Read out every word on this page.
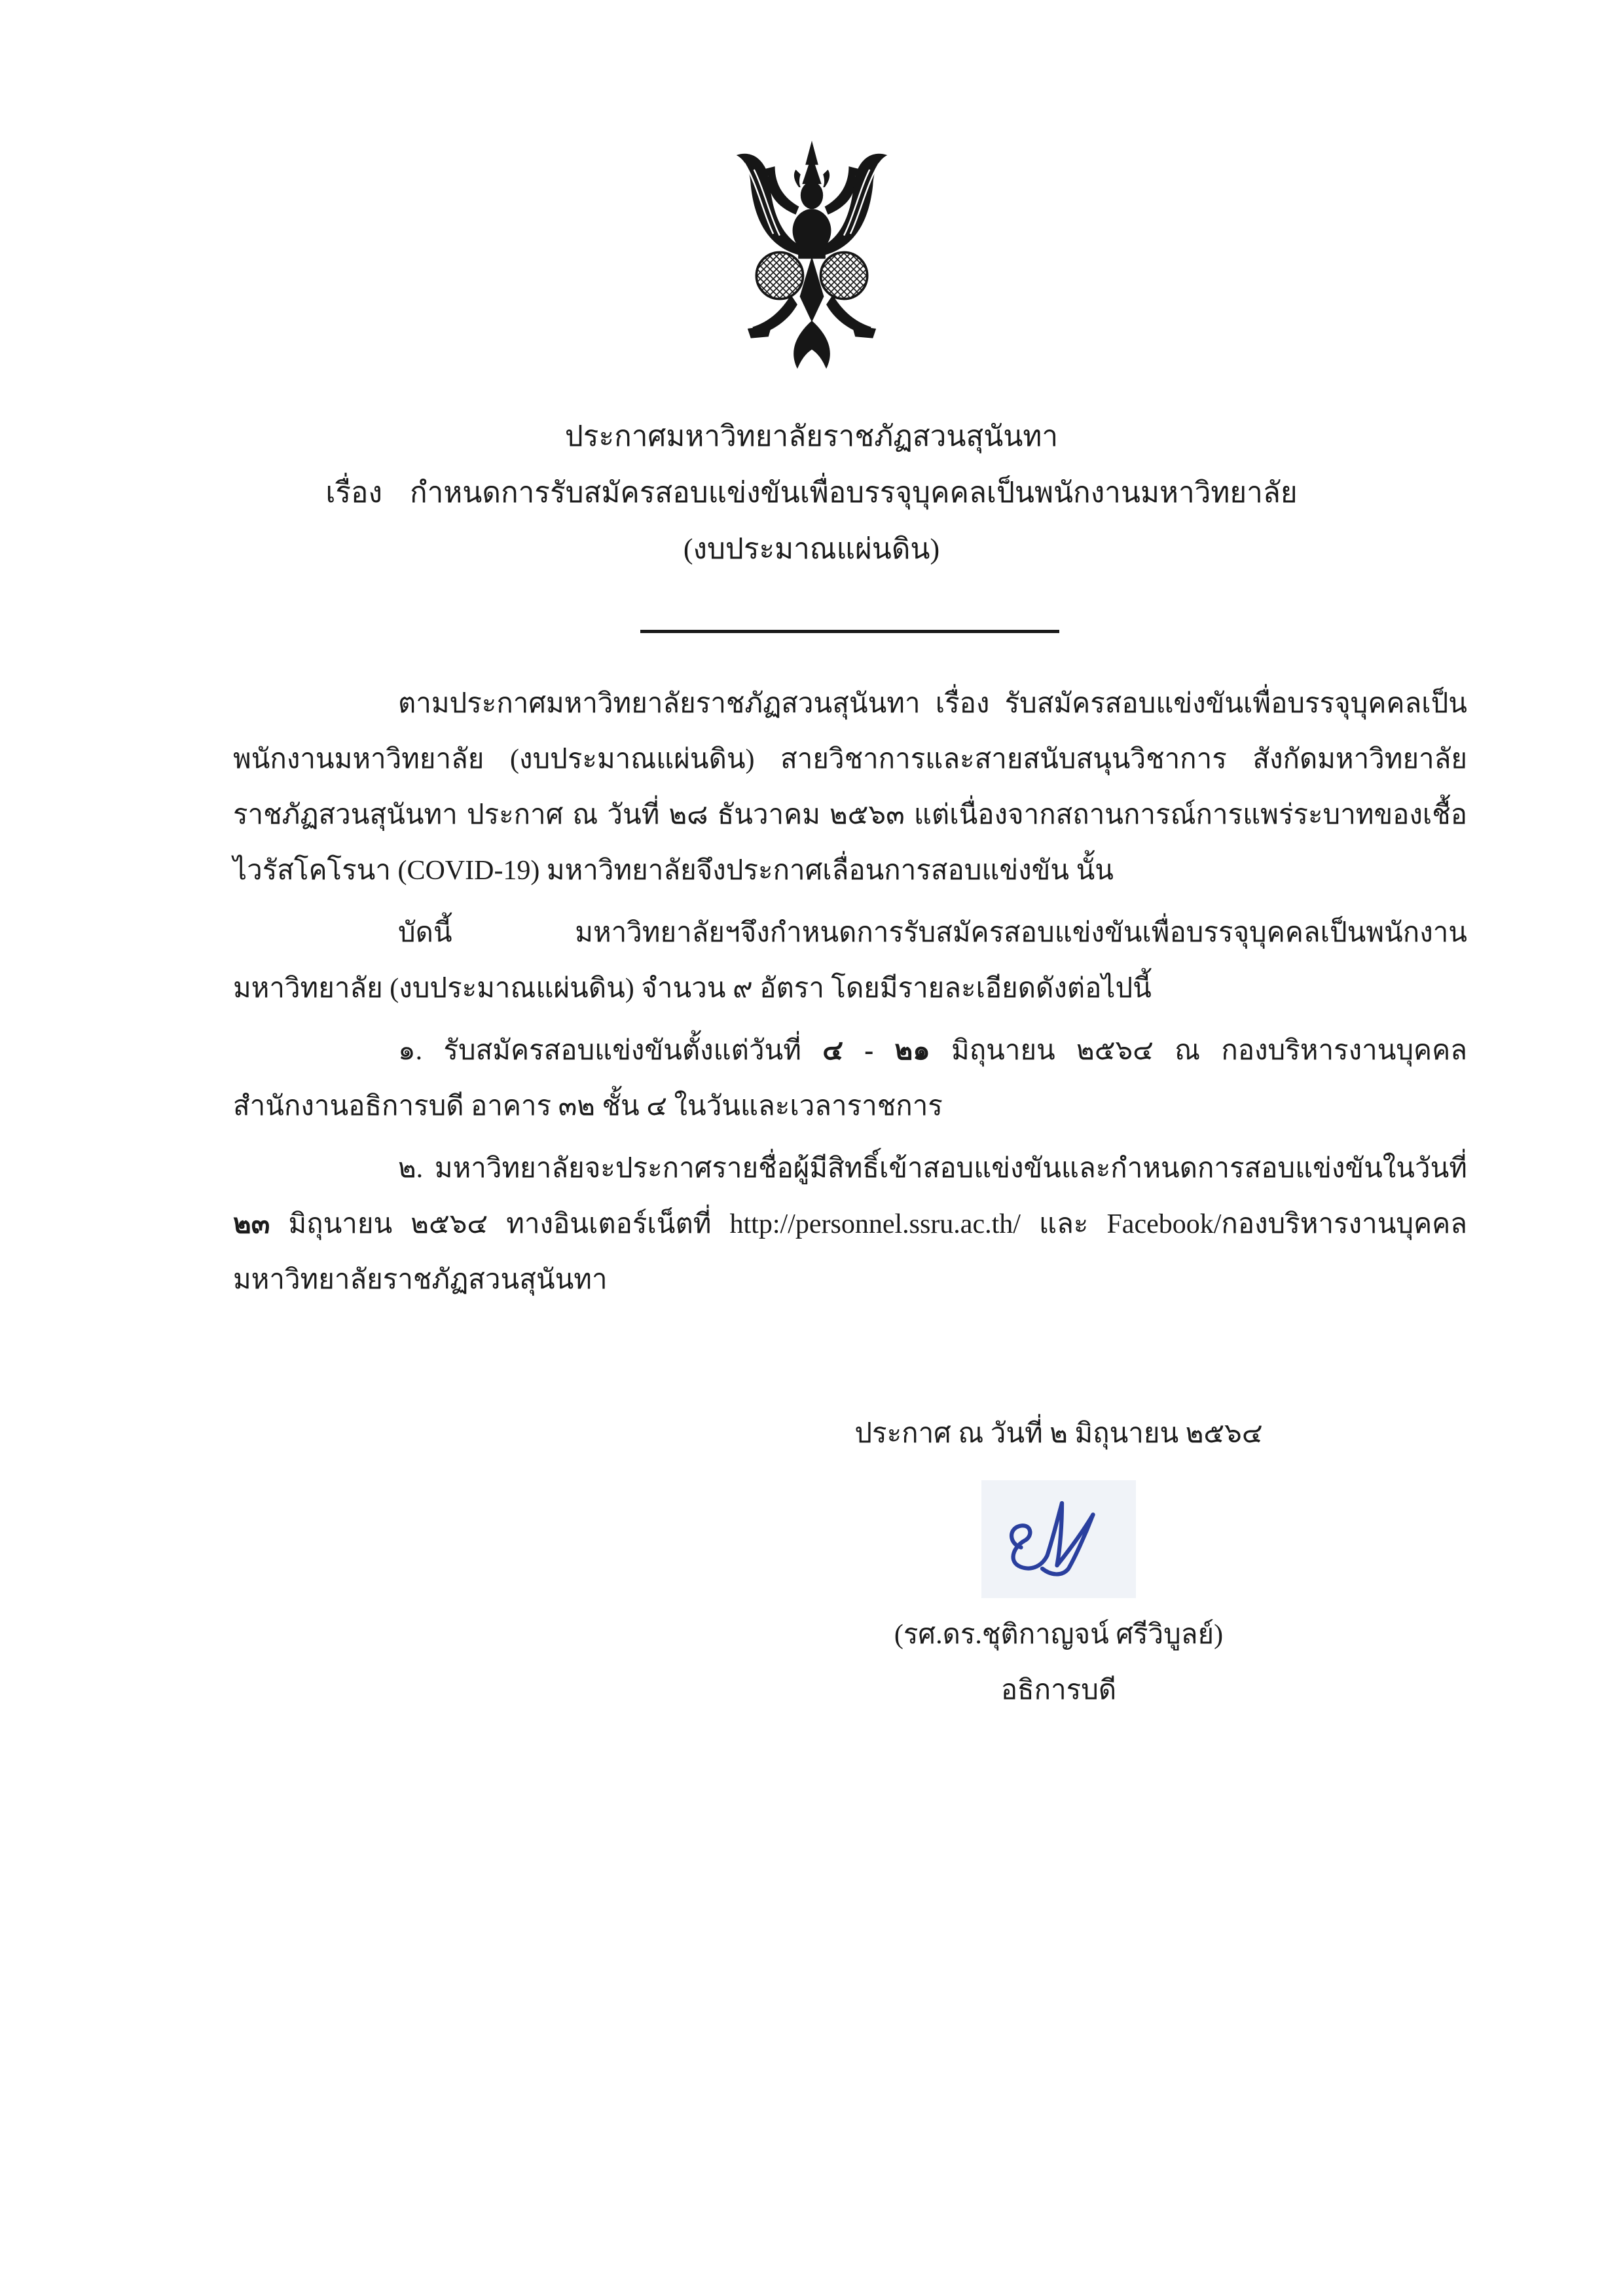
ประกาศมหาวิทยาลัยราชภัฏสวนสุนันทา
เรื่อง กำหนดการรับสมัครสอบแข่งขันเพื่อบรรจุบุคคลเป็นพนักงานมหาวิทยาลัย
(งบประมาณแผ่นดิน)

ตามประกาศมหาวิทยาลัยราชภัฏสวนสุนันทา เรื่อง รับสมัครสอบแข่งขันเพื่อบรรจุบุคคลเป็นพนักงานมหาวิทยาลัย (งบประมาณแผ่นดิน) สายวิชาการและสายสนับสนุนวิชาการ สังกัดมหาวิทยาลัยราชภัฏสวนสุนันทา ประกาศ ณ วันที่ ๒๘ ธันวาคม ๒๕๖๓ แต่เนื่องจากสถานการณ์การแพร่ระบาทของเชื้อไวรัสโคโรนา (COVID-19) มหาวิทยาลัยจึงประกาศเลื่อนการสอบแข่งขัน นั้น

บัดนี้ มหาวิทยาลัยฯจึงกำหนดการรับสมัครสอบแข่งขันเพื่อบรรจุบุคคลเป็นพนักงานมหาวิทยาลัย (งบประมาณแผ่นดิน) จำนวน ๙ อัตรา โดยมีรายละเอียดดังต่อไปนี้

๑. รับสมัครสอบแข่งขันตั้งแต่วันที่ ๔ - ๒๑ มิถุนายน ๒๕๖๔ ณ กองบริหารงานบุคคล สำนักงานอธิการบดี อาคาร ๓๒ ชั้น ๔ ในวันและเวลาราชการ

๒. มหาวิทยาลัยจะประกาศรายชื่อผู้มีสิทธิ์เข้าสอบแข่งขันและกำหนดการสอบแข่งขันในวันที่ ๒๓ มิถุนายน ๒๕๖๔ ทางอินเตอร์เน็ตที่ http://personnel.ssru.ac.th/ และ Facebook/กองบริหารงานบุคคล มหาวิทยาลัยราชภัฏสวนสุนันทา

ประกาศ ณ วันที่ ๒ มิถุนายน ๒๕๖๔
(รศ.ดร.ชุติกาญจน์ ศรีวิบูลย์)
อธิการบดี
